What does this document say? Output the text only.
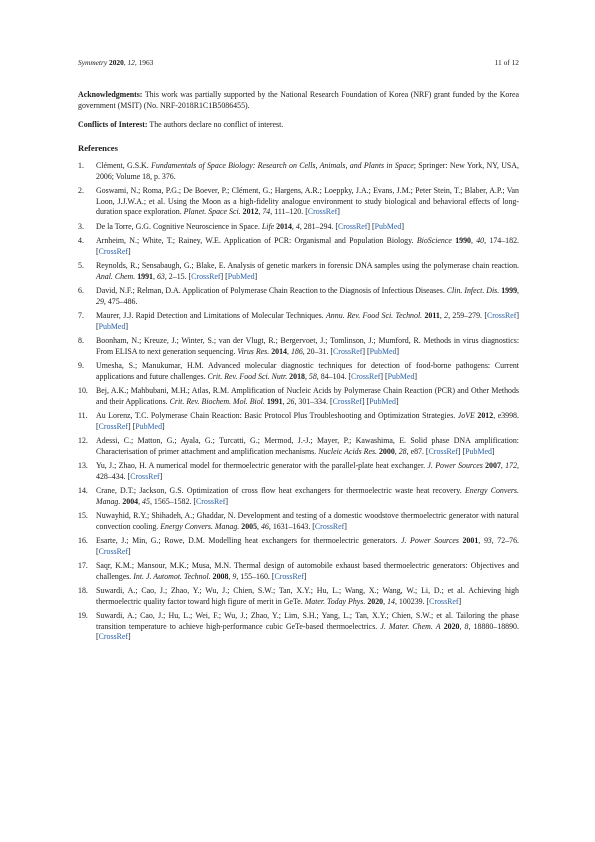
Symmetry 2020, 12, 1963	11 of 12

Acknowledgments: This work was partially supported by the National Research Foundation of Korea (NRF) grant funded by the Korea government (MSIT) (No. NRF-2018R1C1B5086455).

Conflicts of Interest: The authors declare no conflict of interest.

References
1. Clément, G.S.K. Fundamentals of Space Biology: Research on Cells, Animals, and Plants in Space; Springer: New York, NY, USA, 2006; Volume 18, p. 376.
2. Goswami, N.; Roma, P.G.; De Boever, P.; Clément, G.; Hargens, A.R.; Loeppky, J.A.; Evans, J.M.; Peter Stein, T.; Blaber, A.P.; Van Loon, J.J.W.A.; et al. Using the Moon as a high-fidelity analogue environment to study biological and behavioral effects of long-duration space exploration. Planet. Space Sci. 2012, 74, 111–120. [CrossRef]
3. De la Torre, G.G. Cognitive Neuroscience in Space. Life 2014, 4, 281–294. [CrossRef] [PubMed]
4. Arnheim, N.; White, T.; Rainey, W.E. Application of PCR: Organismal and Population Biology. BioScience 1990, 40, 174–182. [CrossRef]
5. Reynolds, R.; Sensabaugh, G.; Blake, E. Analysis of genetic markers in forensic DNA samples using the polymerase chain reaction. Anal. Chem. 1991, 63, 2–15. [CrossRef] [PubMed]
6. David, N.F.; Relman, D.A. Application of Polymerase Chain Reaction to the Diagnosis of Infectious Diseases. Clin. Infect. Dis. 1999, 29, 475–486.
7. Maurer, J.J. Rapid Detection and Limitations of Molecular Techniques. Annu. Rev. Food Sci. Technol. 2011, 2, 259–279. [CrossRef] [PubMed]
8. Boonham, N.; Kreuze, J.; Winter, S.; van der Vlugt, R.; Bergervoet, J.; Tomlinson, J.; Mumford, R. Methods in virus diagnostics: From ELISA to next generation sequencing. Virus Res. 2014, 186, 20–31. [CrossRef] [PubMed]
9. Umesha, S.; Manukumar, H.M. Advanced molecular diagnostic techniques for detection of food-borne pathogens: Current applications and future challenges. Crit. Rev. Food Sci. Nutr. 2018, 58, 84–104. [CrossRef] [PubMed]
10. Bej, A.K.; Mahbubani, M.H.; Atlas, R.M. Amplification of Nucleic Acids by Polymerase Chain Reaction (PCR) and Other Methods and their Applications. Crit. Rev. Biochem. Mol. Biol. 1991, 26, 301–334. [CrossRef] [PubMed]
11. Au Lorenz, T.C. Polymerase Chain Reaction: Basic Protocol Plus Troubleshooting and Optimization Strategies. JoVE 2012, e3998. [CrossRef] [PubMed]
12. Adessi, C.; Matton, G.; Ayala, G.; Turcatti, G.; Mermod, J.-J.; Mayer, P.; Kawashima, E. Solid phase DNA amplification: Characterisation of primer attachment and amplification mechanisms. Nucleic Acids Res. 2000, 28, e87. [CrossRef] [PubMed]
13. Yu, J.; Zhao, H. A numerical model for thermoelectric generator with the parallel-plate heat exchanger. J. Power Sources 2007, 172, 428–434. [CrossRef]
14. Crane, D.T.; Jackson, G.S. Optimization of cross flow heat exchangers for thermoelectric waste heat recovery. Energy Convers. Manag. 2004, 45, 1565–1582. [CrossRef]
15. Nuwayhid, R.Y.; Shihadeh, A.; Ghaddar, N. Development and testing of a domestic woodstove thermoelectric generator with natural convection cooling. Energy Convers. Manag. 2005, 46, 1631–1643. [CrossRef]
16. Esarte, J.; Min, G.; Rowe, D.M. Modelling heat exchangers for thermoelectric generators. J. Power Sources 2001, 93, 72–76. [CrossRef]
17. Saqr, K.M.; Mansour, M.K.; Musa, M.N. Thermal design of automobile exhaust based thermoelectric generators: Objectives and challenges. Int. J. Automot. Technol. 2008, 9, 155–160. [CrossRef]
18. Suwardi, A.; Cao, J.; Zhao, Y.; Wu, J.; Chien, S.W.; Tan, X.Y.; Hu, L.; Wang, X.; Wang, W.; Li, D.; et al. Achieving high thermoelectric quality factor toward high figure of merit in GeTe. Mater. Today Phys. 2020, 14, 100239. [CrossRef]
19. Suwardi, A.; Cao, J.; Hu, L.; Wei, F.; Wu, J.; Zhao, Y.; Lim, S.H.; Yang, L.; Tan, X.Y.; Chien, S.W.; et al. Tailoring the phase transition temperature to achieve high-performance cubic GeTe-based thermoelectrics. J. Mater. Chem. A 2020, 8, 18880–18890. [CrossRef]
